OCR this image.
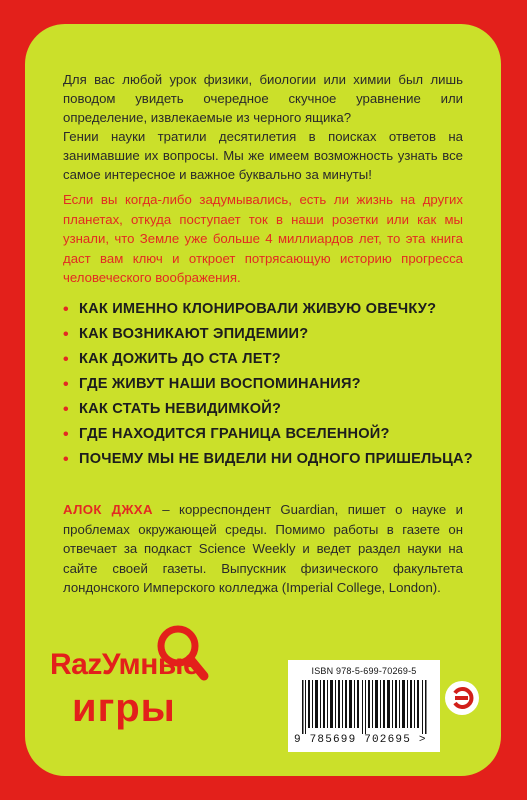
Для вас любой урок физики, биологии или химии был лишь поводом увидеть очередное скучное уравнение или определение, извлекаемые из черного ящика?

Гении науки тратили десятилетия в поисках ответов на занимавшие их вопросы. Мы же имеем возможность узнать все самое интересное и важное буквально за минуты!

Если вы когда-либо задумывались, есть ли жизнь на других планетах, откуда поступает ток в наши розетки или как мы узнали, что Земле уже больше 4 миллиардов лет, то эта книга даст вам ключ и откроет потрясающую историю прогресса человеческого воображения.

• КАК ИМЕННО КЛОНИРОВАЛИ ЖИВУЮ ОВЕЧКУ?
• КАК ВОЗНИКАЮТ ЭПИДЕМИИ?
• КАК ДОЖИТЬ ДО СТА ЛЕТ?
• ГДЕ ЖИВУТ НАШИ ВОСПОМИНАНИЯ?
• КАК СТАТЬ НЕВИДИМКОЙ?
• ГДЕ НАХОДИТСЯ ГРАНИЦА ВСЕЛЕННОЙ?
• ПОЧЕМУ МЫ НЕ ВИДЕЛИ НИ ОДНОГО ПРИШЕЛЬЦА?

АЛОК ДЖХА – корреспондент Guardian, пишет о науке и проблемах окружающей среды. Помимо работы в газете он отвечает за подкаст Science Weekly и ведет раздел науки на сайте своей газеты. Выпускник физического факультета лондонского Имперского колледжа (Imperial College, London).

RazУмные
игры
ISBN 978-5-699-70269-5
9 785699 702695 >
